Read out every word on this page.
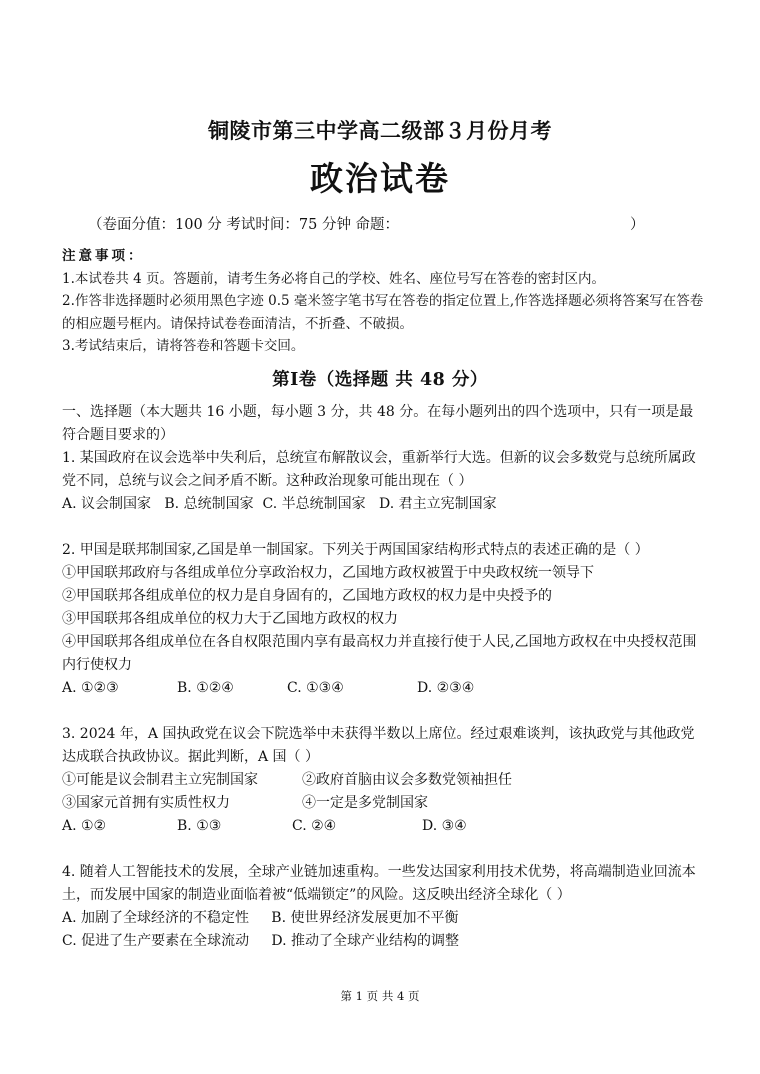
铜陵市第三中学高二级部３月份月考
政治试卷
（卷面分值：100 分 考试时间：75 分钟 命题：	）

注意事项：

1.本试卷共 4 页。答题前，请考生务必将自己的学校、姓名、座位号写在答卷的密封区内。

2.作答非选择题时必须用黑色字迹 0.5 毫米签字笔书写在答卷的指定位置上,作答选择题必须将答案写在答卷的相应题号框内。请保持试卷卷面清洁，不折叠、不破损。

3.考试结束后，请将答卷和答题卡交回。

第Ⅰ卷（选择题 共 48 分）

一、选择题（本大题共 16 小题，每小题 3 分，共 48 分。在每小题列出的四个选项中，只有一项是最符合题目要求的）

1. 某国政府在议会选举中失利后，总统宣布解散议会，重新举行大选。但新的议会多数党与总统所属政党不同，总统与议会之间矛盾不断。这种政治现象可能出现在（ ）

A. 议会制国家 B. 总统制国家 C. 半总统制国家 D. 君主立宪制国家

2. 甲国是联邦制国家,乙国是单一制国家。下列关于两国国家结构形式特点的表述正确的是（ ）

①甲国联邦政府与各组成单位分享政治权力，乙国地方政权被置于中央政权统一领导下

②甲国联邦各组成单位的权力是自身固有的，乙国地方政权的权力是中央授予的

③甲国联邦各组成单位的权力大于乙国地方政权的权力

④甲国联邦各组成单位在各自权限范围内享有最高权力并直接行使于人民,乙国地方政权在中央授权范围内行使权力

A. ①②③	B. ①②④	C. ①③④	D. ②③④

3. 2024 年，A 国执政党在议会下院选举中未获得半数以上席位。经过艰难谈判，该执政党与其他政党达成联合执政协议。据此判断，A 国（ ）

①可能是议会制君主立宪制国家	②政府首脑由议会多数党领袖担任
③国家元首拥有实质性权力	④一定是多党制国家
A. ①②	B. ①③	C. ②④	D. ③④

4. 随着人工智能技术的发展，全球产业链加速重构。一些发达国家利用技术优势，将高端制造业回流本土，而发展中国家的制造业面临着被“低端锁定”的风险。这反映出经济全球化（ ）

A. 加剧了全球经济的不稳定性 B. 使世界经济发展更加不平衡

C. 促进了生产要素在全球流动 D. 推动了全球产业结构的调整

第 1 页 共 4 页
